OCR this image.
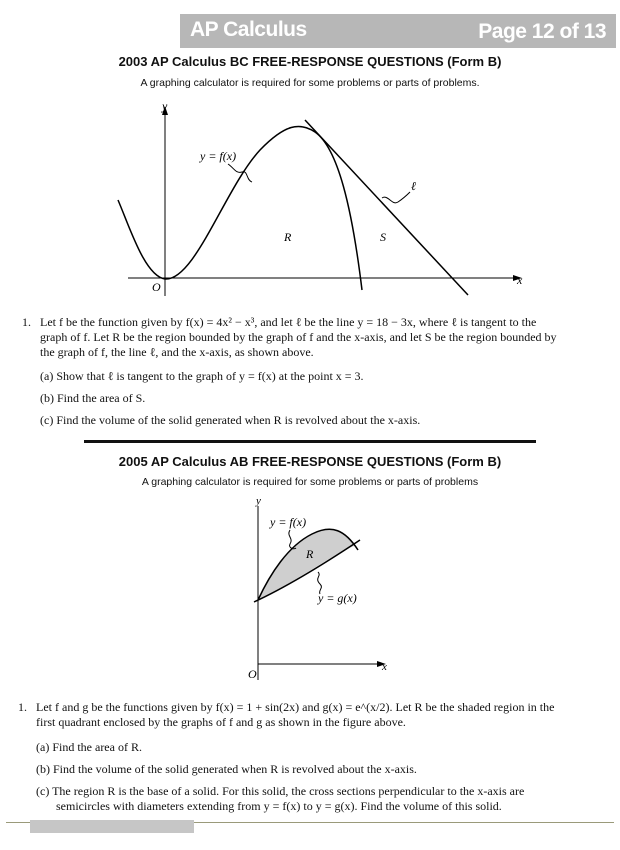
AP Calculus	Page 12 of 13
2003 AP Calculus BC FREE-RESPONSE QUESTIONS (Form B)
A graphing calculator is required for some problems or parts of problems.
y
x
O
y = f(x)
ℓ
R	S
1. Let f be the function given by f(x) = 4x² − x³, and let ℓ be the line y = 18 − 3x, where ℓ is tangent to the
graph of f. Let R be the region bounded by the graph of f and the x-axis, and let S be the region bounded by
the graph of f, the line ℓ, and the x-axis, as shown above.
(a) Show that ℓ is tangent to the graph of y = f(x) at the point x = 3.
(b) Find the area of S.
(c) Find the volume of the solid generated when R is revolved about the x-axis.
2005 AP Calculus AB FREE-RESPONSE QUESTIONS (Form B)
A graphing calculator is required for some problems or parts of problems
y
x
O
y = f(x)
R
y = g(x)
1. Let f and g be the functions given by f(x) = 1 + sin(2x) and g(x) = e^(x/2). Let R be the shaded region in the
first quadrant enclosed by the graphs of f and g as shown in the figure above.
(a) Find the area of R.
(b) Find the volume of the solid generated when R is revolved about the x-axis.
(c) The region R is the base of a solid. For this solid, the cross sections perpendicular to the x-axis are
semicircles with diameters extending from y = f(x) to y = g(x). Find the volume of this solid.
